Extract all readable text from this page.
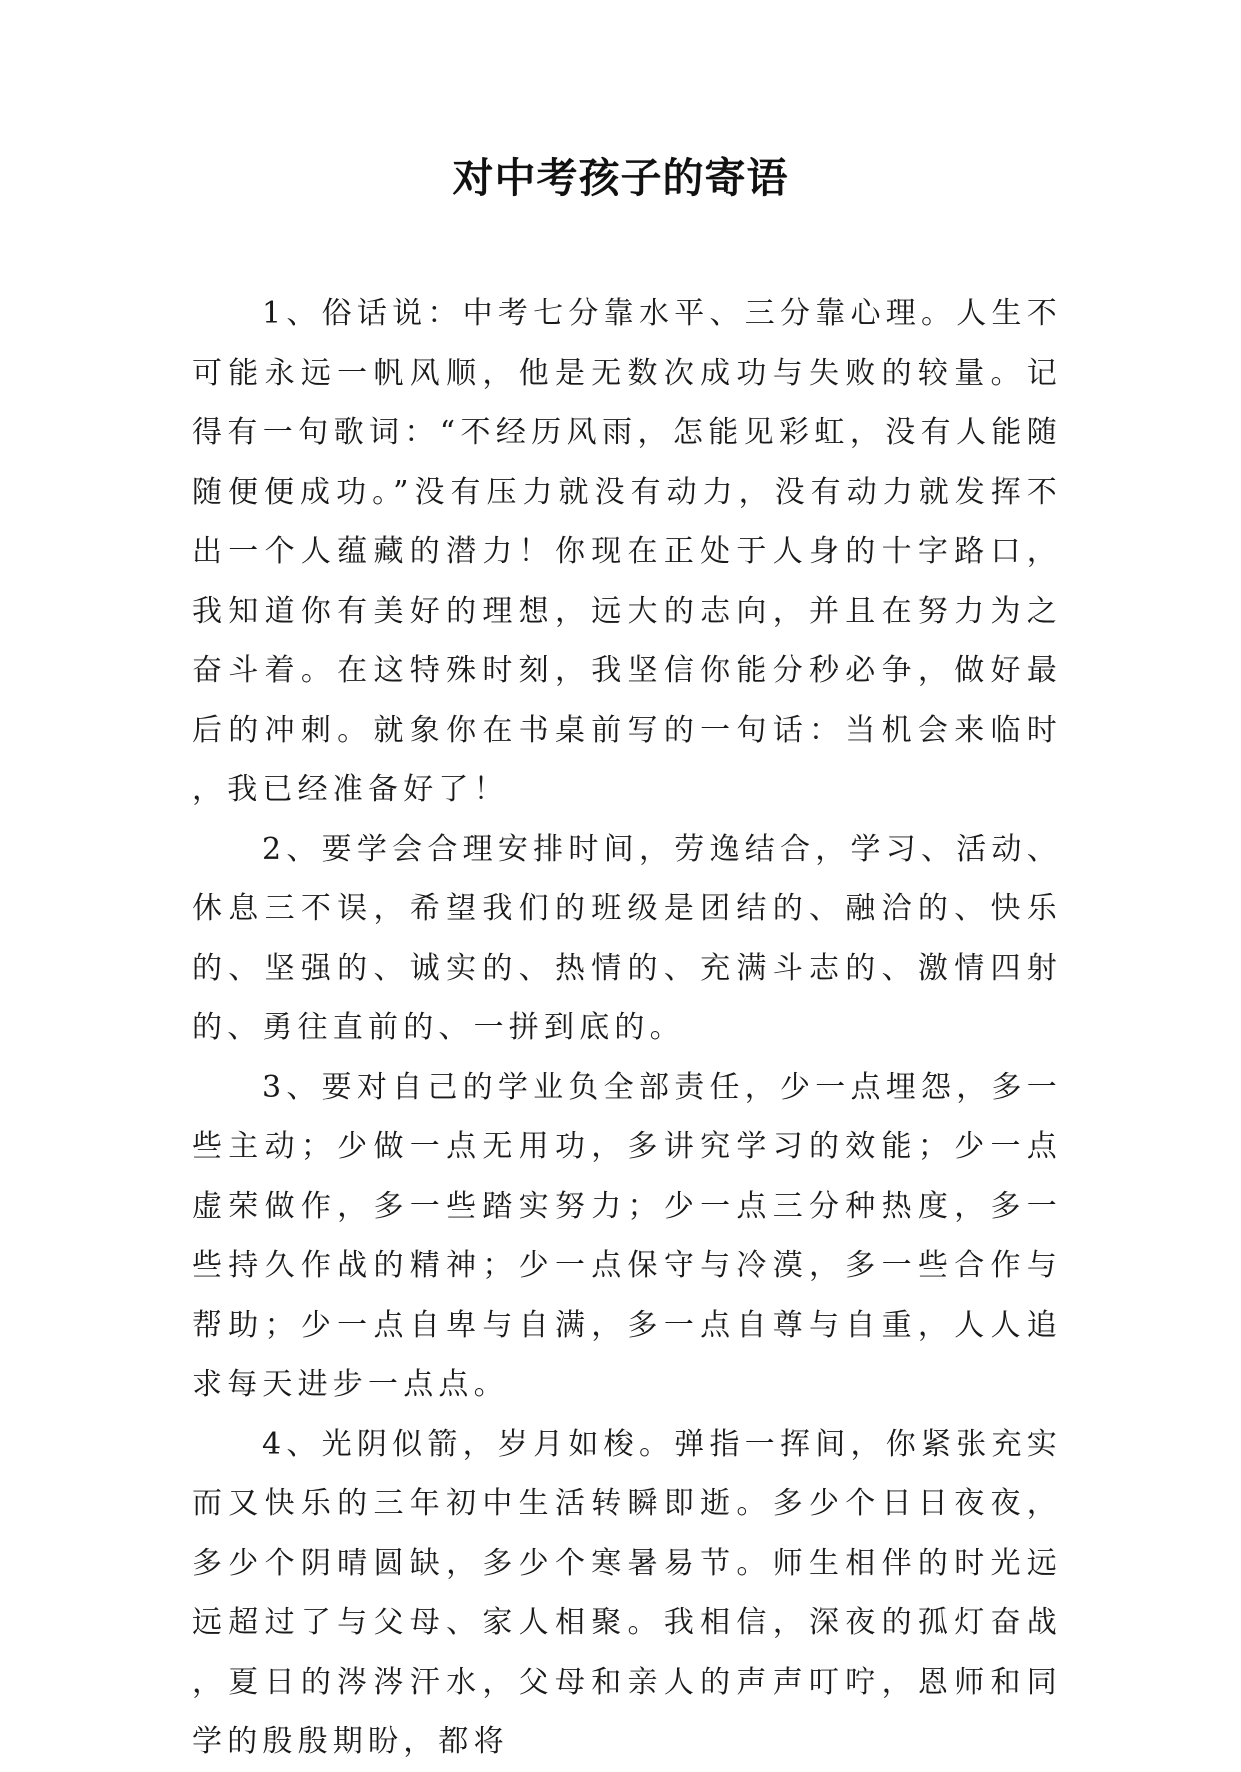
对中考孩子的寄语

1、俗话说：中考七分靠水平、三分靠心理。人生不可能永远一帆风顺，他是无数次成功与失败的较量。记得有一句歌词：“不经历风雨，怎能见彩虹，没有人能随随便便成功。”没有压力就没有动力，没有动力就发挥不出一个人蕴藏的潜力！你现在正处于人身的十字路口，我知道你有美好的理想，远大的志向，并且在努力为之奋斗着。在这特殊时刻，我坚信你能分秒必争，做好最后的冲刺。就象你在书桌前写的一句话：当机会来临时，我已经准备好了！

2、要学会合理安排时间，劳逸结合，学习、活动、休息三不误，希望我们的班级是团结的、融洽的、快乐的、坚强的、诚实的、热情的、充满斗志的、激情四射的、勇往直前的、一拼到底的。

3、要对自己的学业负全部责任，少一点埋怨，多一些主动；少做一点无用功，多讲究学习的效能；少一点虚荣做作，多一些踏实努力；少一点三分种热度，多一些持久作战的精神；少一点保守与冷漠，多一些合作与帮助；少一点自卑与自满，多一点自尊与自重，人人追求每天进步一点点。

4、光阴似箭，岁月如梭。弹指一挥间，你紧张充实而又快乐的三年初中生活转瞬即逝。多少个日日夜夜，多少个阴晴圆缺，多少个寒暑易节。师生相伴的时光远远超过了与父母、家人相聚。我相信，深夜的孤灯奋战，夏日的涔涔汗水，父母和亲人的声声叮咛，恩师和同学的殷殷期盼，都将
